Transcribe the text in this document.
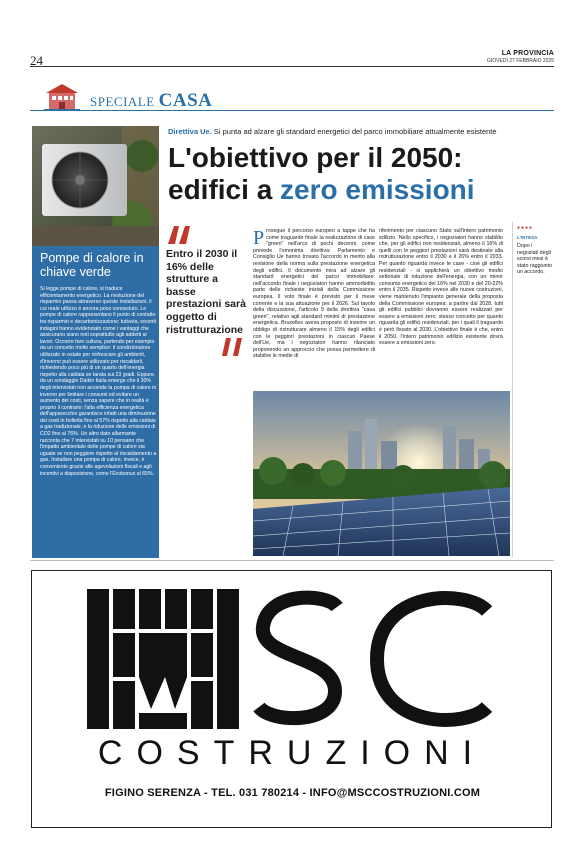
24	LA PROVINCIA
GIOVEDÌ 27 FEBBRAIO 2025
SPECIALE CASA
Pompe di calore in chiave verde
Si legge pompe di calore, si traduce efficientamento energetico. La rivoluzione del risparmio passa attraverso queste installazioni, il cui reale utilizzo è ancora poco conosciuto. Le pompe di calore rappresentano il punto di contatto tra risparmio e decarbonizzazione; tuttavia, recenti indagini hanno evidenziato come i vantaggi che assicurano siano noti soprattutto agli addetti ai lavori. Occorre fare cultura, partendo per esempio da un concetto molto semplice: il condizionatore utilizzato in estate per rinfrescare gli ambienti, d'inverno può essere utilizzato per riscaldarli, richiedendo poco più di un quarto dell'energia rispetto alla caldaia se tarata sui 23 gradi. Eppure, da un sondaggio Daikin Italia emerge che il 30% degli intervistati non accende la pompa di calore in inverno per limitare i consumi ed evitare un aumento dei costi, senza sapere che in realtà è proprio il contrario: l'alta efficienza energetica dell'apparecchio garantisce infatti una diminuzione dei costi in bolletta fino al 57% rispetto alla caldaia a gas tradizionale, e la riduzione delle emissioni di CO2 fino al 76%. Un altro dato allarmante racconta che 7 intervistati su 10 pensano che l'impatto ambientale delle pompe di calore sia uguale se non peggiore rispetto al riscaldamento a gas. Installare una pompa di calore, invece, è conveniente grazie alle agevolazioni fiscali e agli incentivi a disposizione, come l'Ecobonus al 65%.
Direttiva Ue. Si punta ad alzare gli standard energetici del parco immobiliare attualmente esistente
L'obiettivo per il 2050:
edifici a zero emissioni
Entro il 2030 il 16% delle strutture a basse prestazioni sarà oggetto di ristrutturazione
Prosegue il percorso europeo a tappe che ha come traguardo finale la realizzazione di case "green" nell'arco di pochi decenni, come prevede l'omonima direttiva: Parlamento e Consiglio Ue hanno trovato l'accordo in merito alla revisione della norma sulla prestazione energetica degli edifici. Il documento mira ad alzare gli standard energetici del parco immobiliare: nell'accordo finale i negoziatori hanno ammorbidito parte delle richieste iniziali della Commissione europea. Il voto finale è previsto per il mese corrente e la sua attuazione per il 2026. Sul tavolo della discussione, l'articolo 9 della direttiva "casa green", relativo agli standard minimi di prestazione energetica. Bruxelles aveva proposto di inserire un obbligo di ristrutturare almeno il 15% degli edifici con le peggiori prestazioni in ciascun Paese dell'Ue, ma i negoziatori hanno rilanciato proponendo un approccio che possa permettere di stabilire le medie di
riferimento per ciascuno Stato sull'intero patrimonio edilizio. Nello specifico, i negoziatori hanno stabilito che, per gli edifici non residenziali, almeno il 16% di quelli con le peggiori prestazioni sarà destinato alla ristrutturazione entro il 2030 e il 26% entro il 2033. Per quanto riguarda invece le case - cioè gli edifici residenziali - si applicherà un obiettivo medio settoriale di riduzione dell'energia, con un minor consumo energetico del 16% nel 2030 e del 20-22% entro il 2035. Rispetto invece alle nuove costruzioni, viene mantenuto l'impianto generale della proposta della Commissione europea: a partire dal 2028, tutti gli edifici pubblici dovranno essere realizzati per essere a emissioni zero; stesso concetto per quanto riguarda gli edifici residenziali, per i quali il traguardo è però fissato al 2030. L'obiettivo finale è che, entro il 2050, l'intero patrimonio edilizio esistente dovrà essere a emissioni zero.
●●●●
L'INTESA
Dopo i negoziati degli scorsi mesi è stato raggiunto un accordo.
COSTRUZIONI
FIGINO SERENZA - TEL. 031 780214 - INFO@MSCCOSTRUZIONI.COM
